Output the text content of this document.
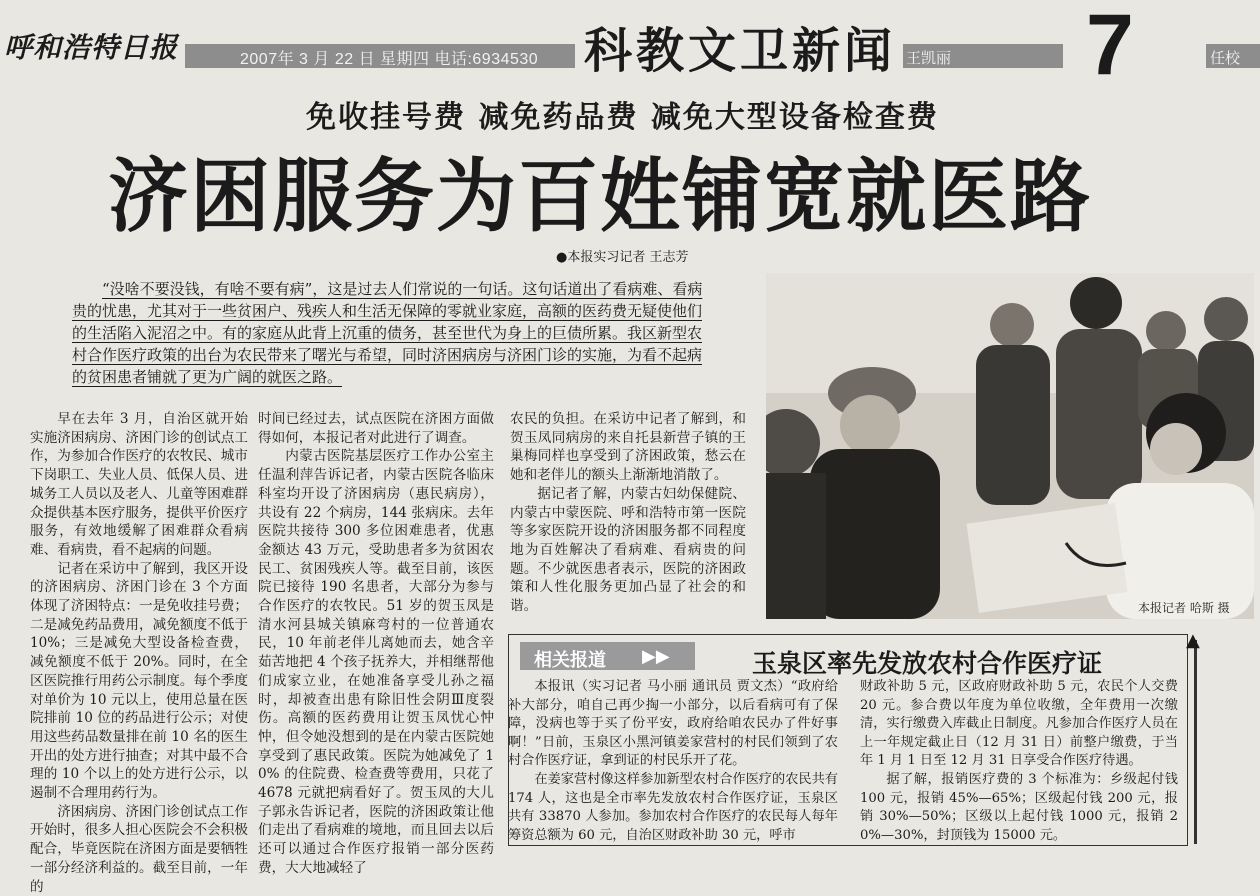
呼和浩特日报	2007年 3 月 22 日 星期四 电话:6934530 科教文卫新闻 王凯丽 7	任校
免收挂号费 减免药品费 减免大型设备检查费
济困服务为百姓铺宽就医路
●本报实习记者 王志芳
“没啥不要没钱，有啥不要有病”，这是过去人们常说的一句话。这句话道出了看病难、看病贵的忧患，尤其对于一些贫困户、残疾人和生活无保障的零就业家庭，高额的医药费无疑使他们的生活陷入泥沼之中。有的家庭从此背上沉重的债务，甚至世代为身上的巨债所累。我区新型农村合作医疗政策的出台为农民带来了曙光与希望，同时济困病房与济困门诊的实施，为看不起病的贫困患者铺就了更为广阔的就医之路。

早在去年 3 月，自治区就开始实施济困病房、济困门诊的创试点工作，为参加合作医疗的农牧民、城市下岗职工、失业人员、低保人员、进城务工人员以及老人、儿童等困难群众提供基本医疗服务，提供平价医疗服务，有效地缓解了困难群众看病难、看病贵，看不起病的问题。

记者在采访中了解到，我区开设的济困病房、济困门诊在 3 个方面体现了济困特点：一是免收挂号费；二是减免药品费用，减免额度不低于 10%；三是减免大型设备检查费，减免额度不低于 20%。同时，在全区医院推行用药公示制度。每个季度对单价为 10 元以上，使用总量在医院排前 10 位的药品进行公示；对使用这些药品数量排在前 10 名的医生开出的处方进行抽查；对其中最不合理的 10 个以上的处方进行公示，以遏制不合理用药行为。

济困病房、济困门诊创试点工作开始时，很多人担心医院会不会积极配合，毕竟医院在济困方面是要牺牲一部分经济利益的。截至目前，一年的

时间已经过去，试点医院在济困方面做得如何，本报记者对此进行了调查。

内蒙古医院基层医疗工作办公室主任温利萍告诉记者，内蒙古医院各临床科室均开设了济困病房（惠民病房），共设有 22 个病房，144 张病床。去年医院共接待 300 多位困难患者，优惠金额达 43 万元，受助患者多为贫困农民工、贫困残疾人等。截至目前，该医院已接待 190 名患者，大部分为参与合作医疗的农牧民。51 岁的贺玉凤是清水河县城关镇麻弯村的一位普通农民，10 年前老伴儿离她而去，她含辛茹苦地把 4 个孩子抚养大，并相继帮他们成家立业，在她准备享受儿孙之福时，却被查出患有除旧性会阴Ⅲ度裂伤。高额的医药费用让贺玉凤忧心忡忡，但令她没想到的是在内蒙古医院她享受到了惠民政策。医院为她减免了 10% 的住院费、检查费等费用，只花了 4678 元就把病看好了。贺玉凤的大儿子郭永告诉记者，医院的济困政策让他们走出了看病难的境地，而且回去以后还可以通过合作医疗报销一部分医药费，大大地减轻了

农民的负担。在采访中记者了解到，和贺玉凤同病房的来自托县新营子镇的王巢梅同样也享受到了济困政策，愁云在她和老伴儿的额头上渐渐地消散了。

据记者了解，内蒙古妇幼保健院、内蒙古中蒙医院、呼和浩特市第一医院等多家医院开设的济困服务都不同程度地为百姓解决了看病难、看病贵的问题。不少就医患者表示，医院的济困政策和人性化服务更加凸显了社会的和谐。	本报记者 哈斯 摄
相关报道 ▶▶	玉泉区率先发放农村合作医疗证

本报讯（实习记者 马小丽 通讯员 贾文杰）“政府给补大部分，咱自己再少掏一小部分，以后看病可有了保障，没病也等于买了份平安，政府给咱农民办了件好事啊！”日前，玉泉区小黑河镇姜家营村的村民们领到了农村合作医疗证，拿到证的村民乐开了花。

在姜家营村像这样参加新型农村合作医疗的农民共有 174 人，这也是全市率先发放农村合作医疗证，玉泉区共有 33870 人参加。参加农村合作医疗的农民每人每年筹资总额为 60 元，自治区财政补助 30 元，呼市

财政补助 5 元，区政府财政补助 5 元，农民个人交费 20 元。参合费以年度为单位收缴，全年费用一次缴清，实行缴费入库截止日制度。凡参加合作医疗人员在上一年规定截止日（12 月 31 日）前整户缴费，于当年 1 月 1 日至 12 月 31 日享受合作医疗待遇。

据了解，报销医疗费的 3 个标准为：乡级起付钱 100 元，报销 45%—65%；区级起付钱 200 元，报销 30%—50%；区级以上起付钱 1000 元，报销 20%—30%，封顶钱为 15000 元。

▲
